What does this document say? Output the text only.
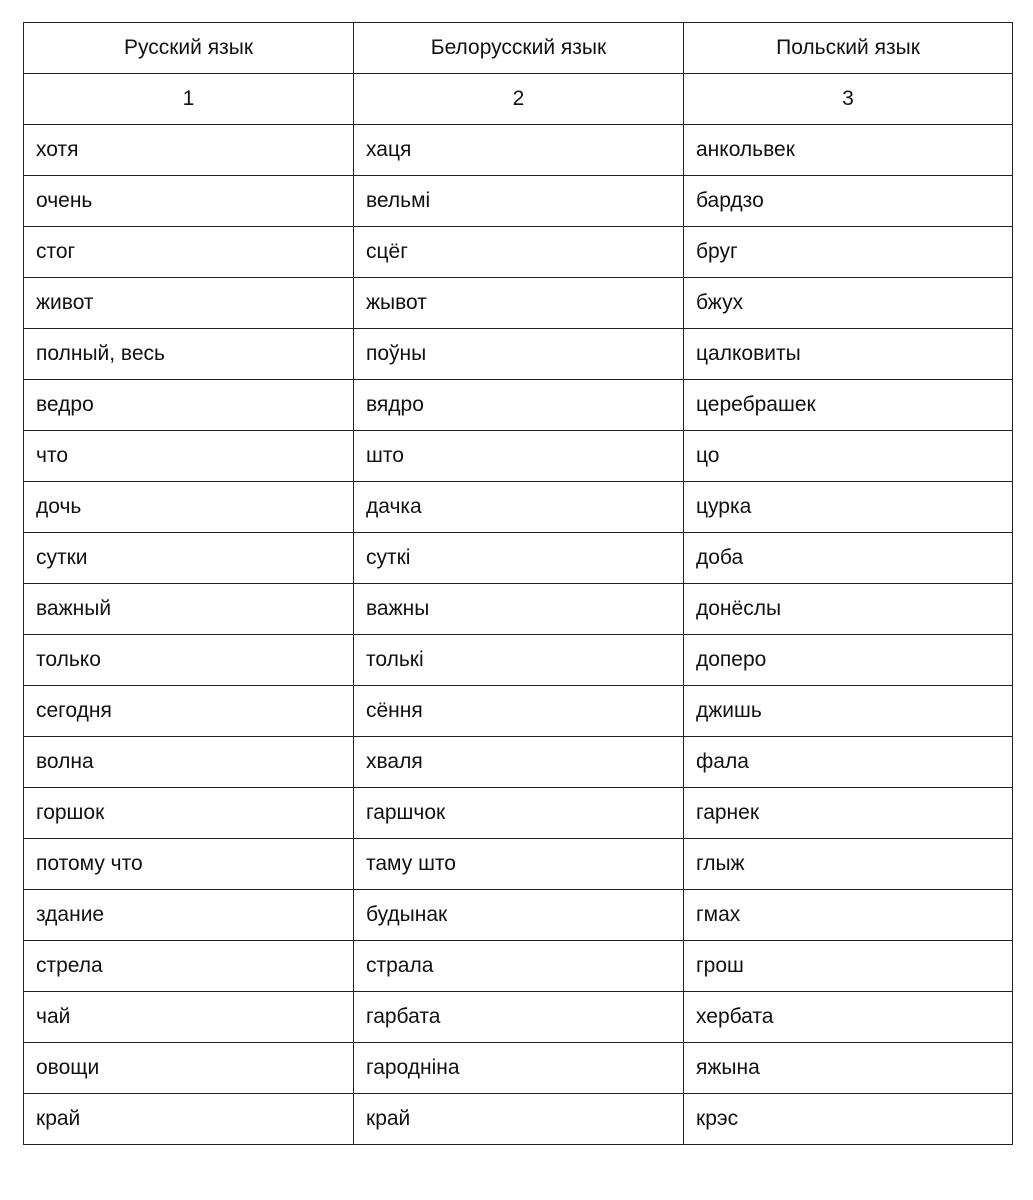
Русский язык	Белорусский язык	Польский язык
1	2	3
хотя	хаця	анкольвек
очень	вельмі	бардзо
стог	сцёг	бруг
живот	жывот	бжух
полный, весь	поўны	цалковиты
ведро	вядро	церебрашек
что	што	цо
дочь	дачка	цурка
сутки	суткі	доба
важный	важны	донёслы
только	толькі	доперо
сегодня	сёння	джишь
волна	хваля	фала
горшок	гаршчок	гарнек
потому что	таму што	глыж
здание	будынак	гмах
стрела	страла	грош
чай	гарбата	хербата
овощи	гароднiна	яжына
край	край	крэс
